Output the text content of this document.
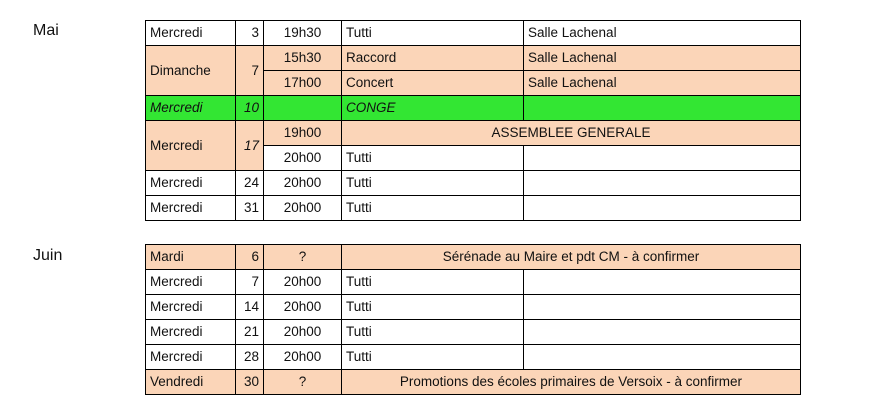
Mai	Mercredi	3	19h30	Tutti	Salle Lachenal
Dimanche	7	15h30	Raccord	Salle Lachenal
		17h00	Concert	Salle Lachenal
Mercredi	10		CONGE	
Mercredi	17	19h00	ASSEMBLEE GENERALE	
		20h00	Tutti	
Mercredi	24	20h00	Tutti	
Mercredi	31	20h00	Tutti	
Juin	Mardi	6	?	Sérénade au Maire et pdt CM - à confirmer	
Mercredi	7	20h00	Tutti	
Mercredi	14	20h00	Tutti	
Mercredi	21	20h00	Tutti	
Mercredi	28	20h00	Tutti	
Vendredi	30	?	Promotions des écoles primaires de Versoix - à confirmer	
